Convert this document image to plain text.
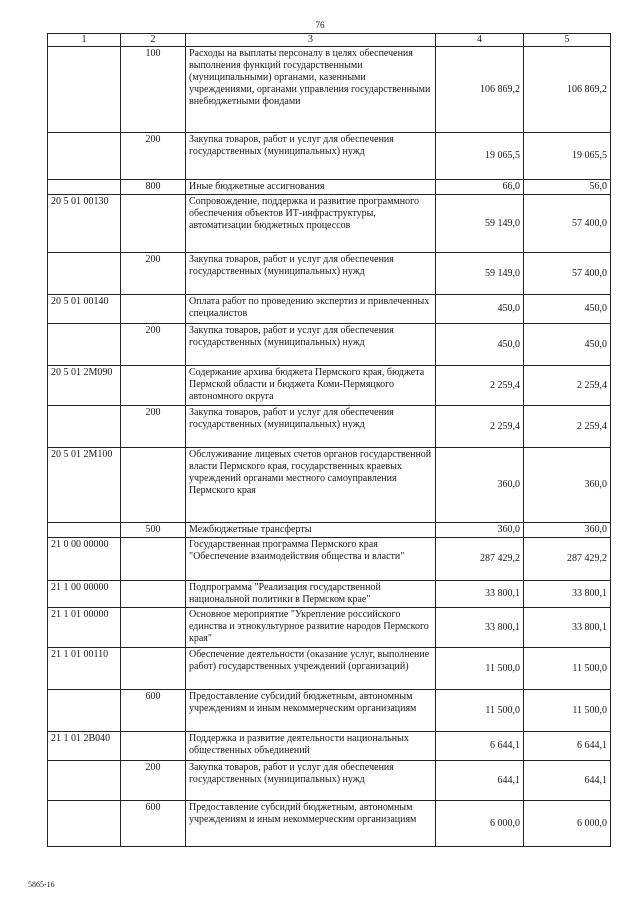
76
1	2	3	4	5
	100	Расходы на выплаты персоналу в целях обеспечения выполнения функций государственными (муниципальными) органами, казенными учреждениями, органами управления государственными внебюджетными фондами	106 869,2	106 869,2
	200	Закупка товаров, работ и услуг для обеспечения государственных (муниципальных) нужд	19 065,5	19 065,5
	800	Иные бюджетные ассигнования	66,0	56,0
20 5 01 00130		Сопровождение, поддержка и развитие программного обеспечения объектов ИТ-инфраструктуры, автоматизации бюджетных процессов	59 149,0	57 400,0
	200	Закупка товаров, работ и услуг для обеспечения государственных (муниципальных) нужд	59 149,0	57 400,0
20 5 01 00140		Оплата работ по проведению экспертиз и привлеченных специалистов	450,0	450,0
	200	Закупка товаров, работ и услуг для обеспечения государственных (муниципальных) нужд	450,0	450,0
20 5 01 2M090		Содержание архива бюджета Пермского края, бюджета Пермской области и бюджета Коми-Пермяцкого автономного округа	2 259,4	2 259,4
	200	Закупка товаров, работ и услуг для обеспечения государственных (муниципальных) нужд	2 259,4	2 259,4
20 5 01 2M100		Обслуживание лицевых счетов органов государственной власти Пермского края, государственных краевых учреждений органами местного самоуправления Пермского края	360,0	360,0
	500	Межбюджетные трансферты	360,0	360,0
21 0 00 00000		Государственная программа Пермского края "Обеспечение взаимодействия общества и власти"	287 429,2	287 429,2
21 1 00 00000		Подпрограмма "Реализация государственной национальной политики в Пермском крае"	33 800,1	33 800,1
21 1 01 00000		Основное мероприятие "Укрепление российского единства и этнокультурное развитие народов Пермского края"	33 800,1	33 800,1
21 1 01 00110		Обеспечение деятельности (оказание услуг, выполнение работ) государственных учреждений (организаций)	11 500,0	11 500,0
	600	Предоставление субсидий бюджетным, автономным учреждениям и иным некоммерческим организациям	11 500,0	11 500,0
21 1 01 2B040		Поддержка и развитие деятельности национальных общественных объединений	6 644,1	6 644,1
	200	Закупка товаров, работ и услуг для обеспечения государственных (муниципальных) нужд	644,1	644,1
	600	Предоставление субсидий бюджетным, автономным учреждениям и иным некоммерческим организациям	6 000,0	6 000,0
5865-16
